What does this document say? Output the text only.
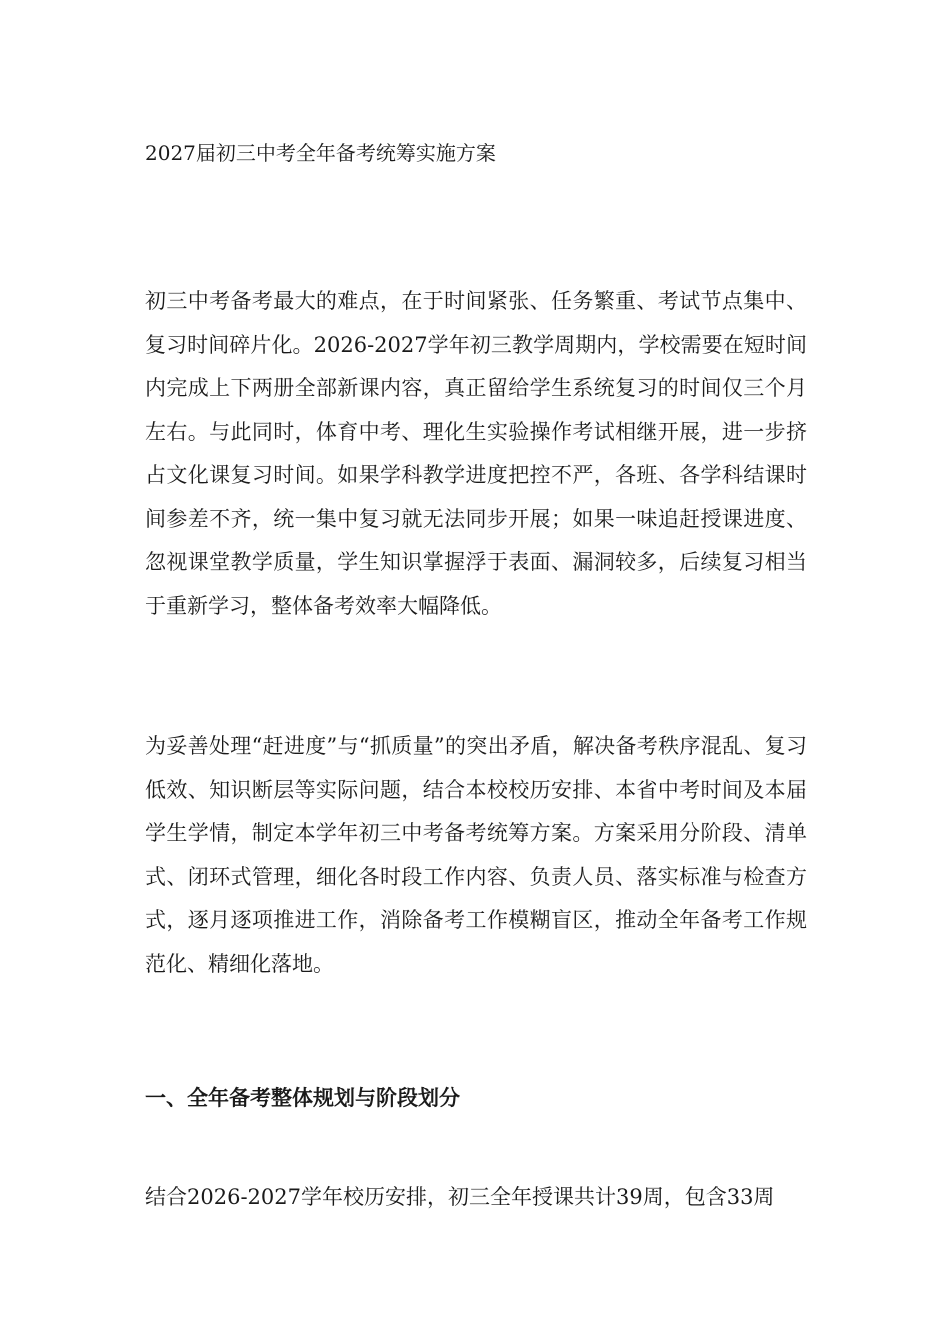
2027届初三中考全年备考统筹实施方案

初三中考备考最大的难点，在于时间紧张、任务繁重、考试节点集中、复习时间碎片化。2026-2027学年初三教学周期内，学校需要在短时间内完成上下两册全部新课内容，真正留给学生系统复习的时间仅三个月左右。与此同时，体育中考、理化生实验操作考试相继开展，进一步挤占文化课复习时间。如果学科教学进度把控不严，各班、各学科结课时间参差不齐，统一集中复习就无法同步开展；如果一味追赶授课进度、忽视课堂教学质量，学生知识掌握浮于表面、漏洞较多，后续复习相当于重新学习，整体备考效率大幅降低。

为妥善处理“赶进度”与“抓质量”的突出矛盾，解决备考秩序混乱、复习低效、知识断层等实际问题，结合本校校历安排、本省中考时间及本届学生学情，制定本学年初三中考备考统筹方案。方案采用分阶段、清单式、闭环式管理，细化各时段工作内容、负责人员、落实标准与检查方式，逐月逐项推进工作，消除备考工作模糊盲区，推动全年备考工作规范化、精细化落地。

一、全年备考整体规划与阶段划分

结合2026-2027学年校历安排，初三全年授课共计39周，包含33周
